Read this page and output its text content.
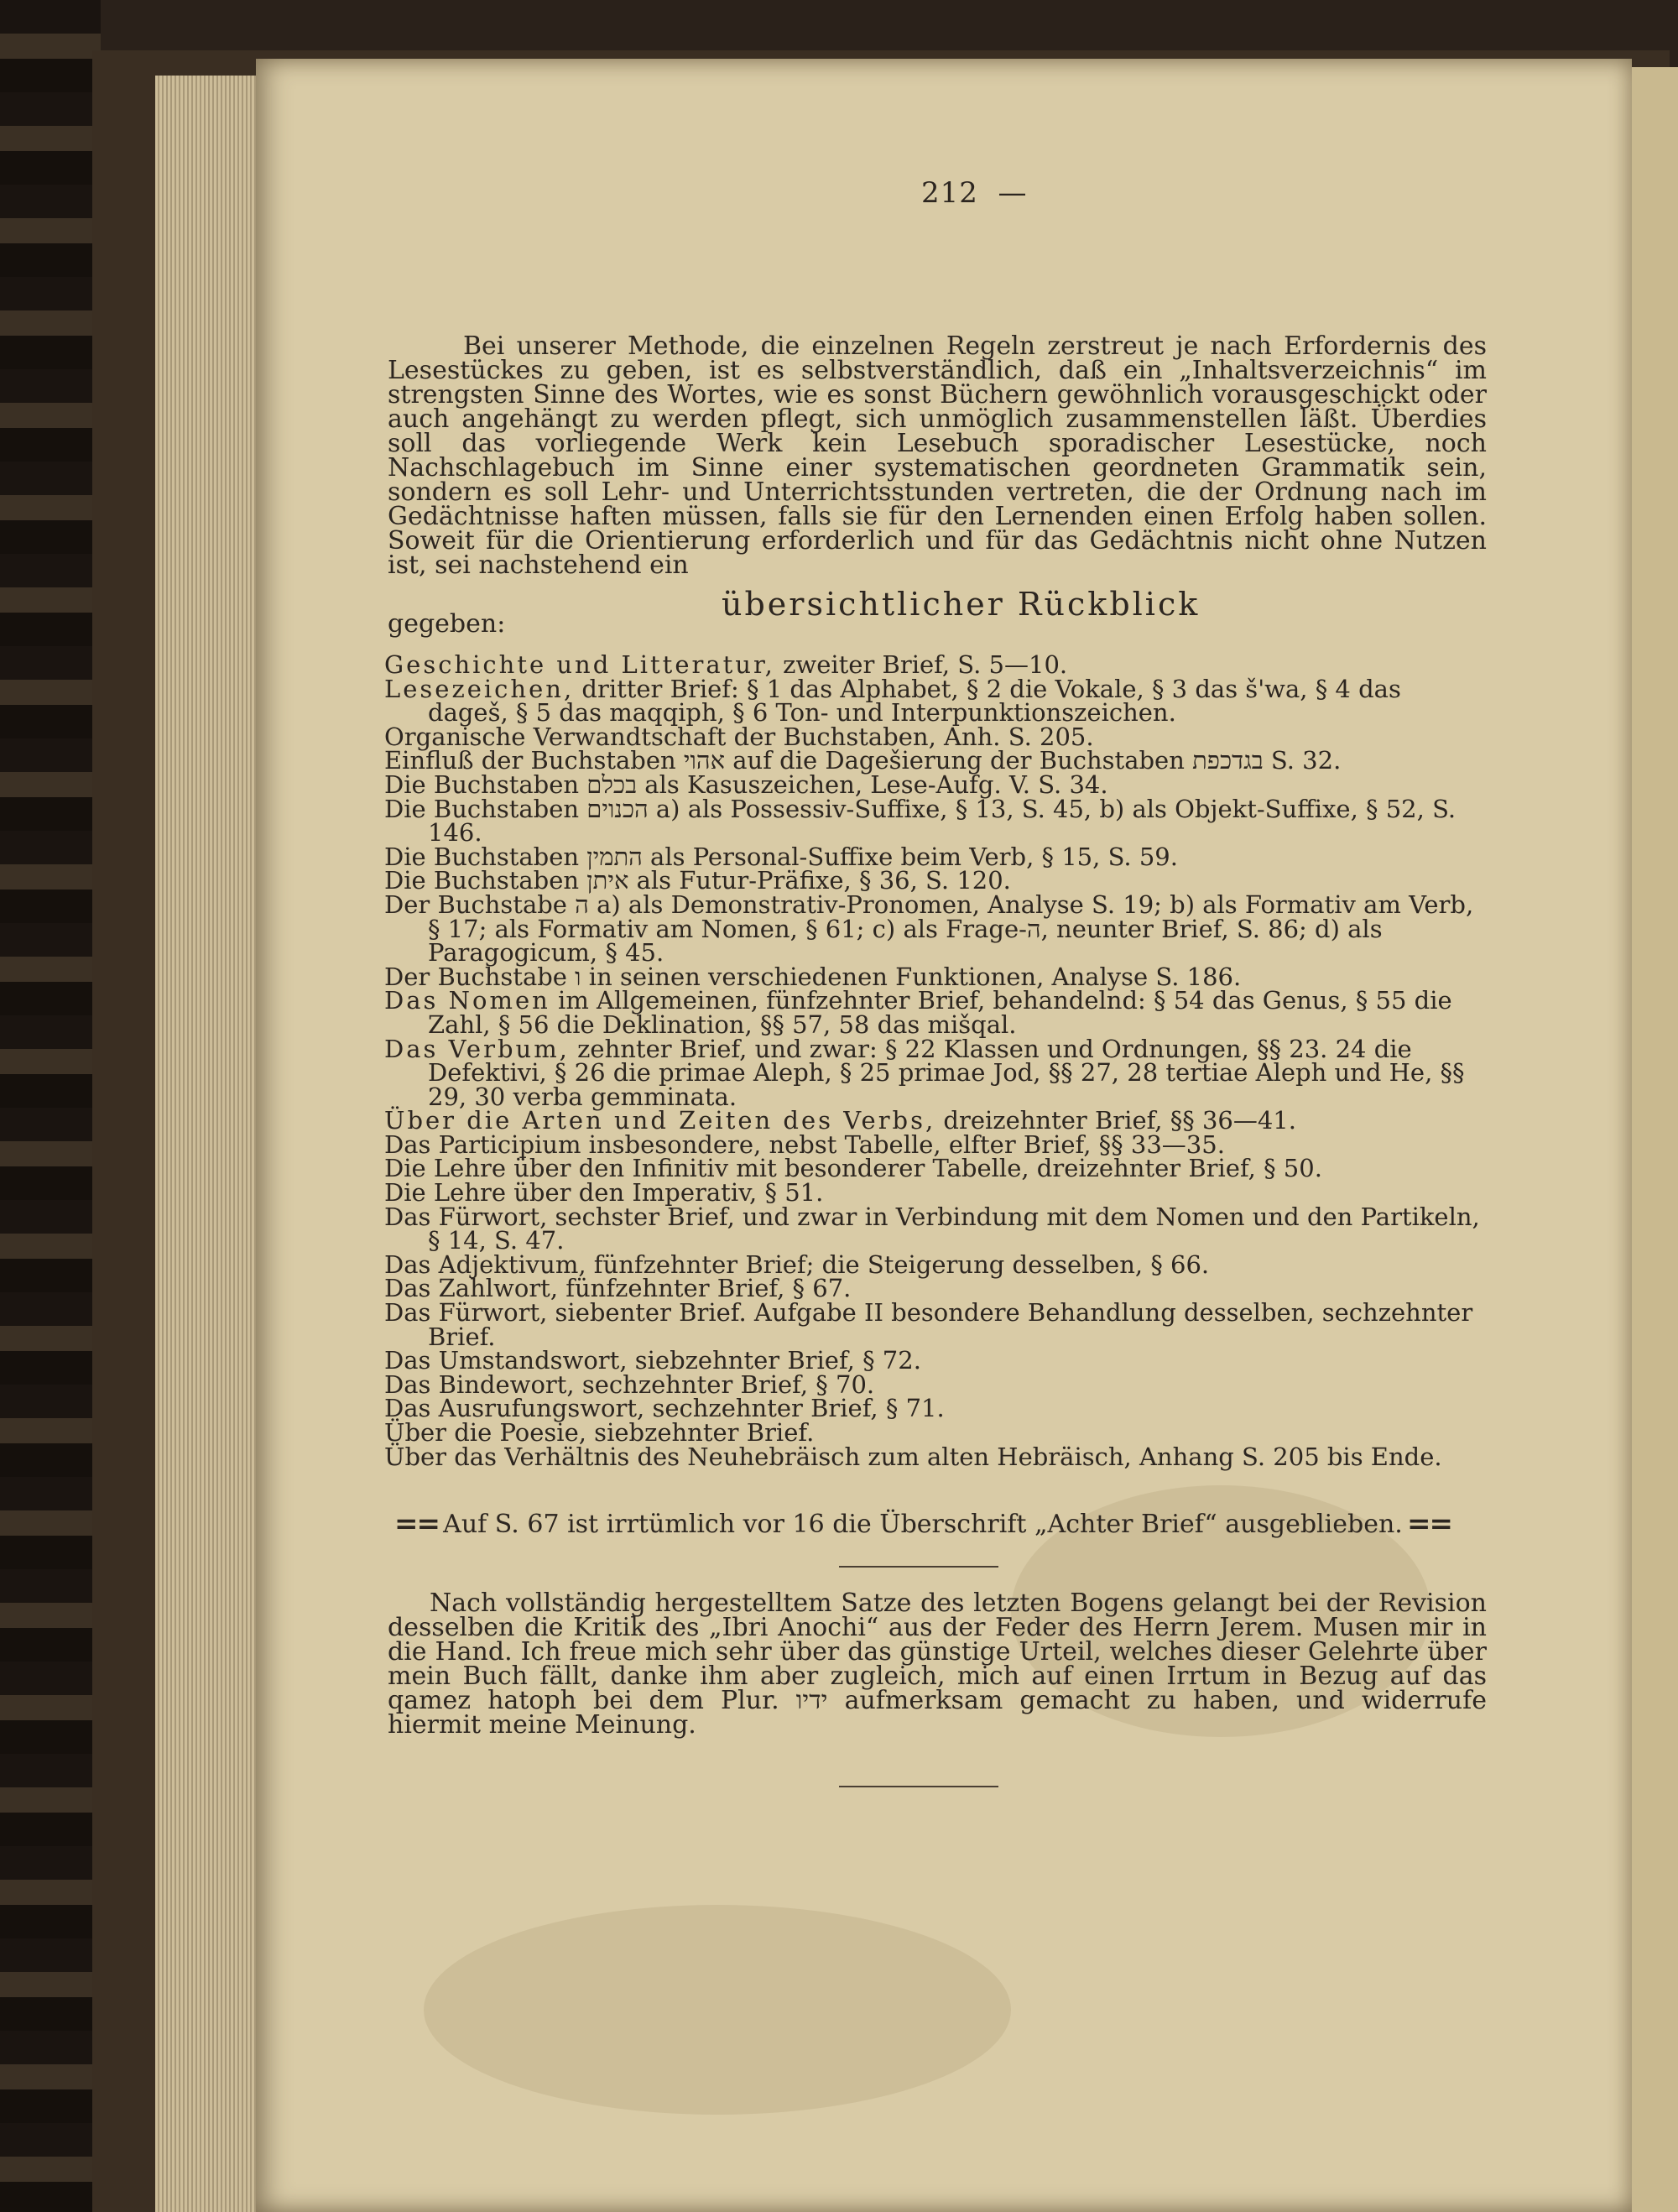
212 —

Bei unserer Methode, die einzelnen Regeln zerstreut je nach Erfordernis des Lesestückes zu geben, ist es selbstverständlich, daß ein „Inhaltsverzeichnis“ im strengsten Sinne des Wortes, wie es sonst Büchern gewöhnlich vorausgeschickt oder auch angehängt zu werden pflegt, sich unmöglich zusammenstellen läßt. Überdies soll das vorliegende Werk kein Lesebuch sporadischer Lesestücke, noch Nachschlagebuch im Sinne einer systematischen geordneten Grammatik sein, sondern es soll Lehr- und Unterrichtsstunden vertreten, die der Ordnung nach im Gedächtnisse haften müssen, falls sie für den Lernenden einen Erfolg haben sollen. Soweit für die Orientierung erforderlich und für das Gedächtnis nicht ohne Nutzen ist, sei nachstehend ein

übersichtlicher Rückblick
gegeben:
Geschichte und Litteratur, zweiter Brief, S. 5—10.
Lesezeichen, dritter Brief: § 1 das Alphabet, § 2 die Vokale, § 3 das š'wa, § 4 das dageš, § 5 das maqqiph, § 6 Ton- und Interpunktionszeichen.
Organische Verwandtschaft der Buchstaben, Anh. S. 205.
Einfluß der Buchstaben אהוי auf die Dagešierung der Buchstaben בגדכפת S. 32.
Die Buchstaben בכלם als Kasuszeichen, Lese-Aufg. V. S. 34.
Die Buchstaben הכנוים a) als Possessiv-Suffixe, § 13, S. 45, b) als Objekt-Suffixe, § 52, S. 146.
Die Buchstaben התמין als Personal-Suffixe beim Verb, § 15, S. 59.
Die Buchstaben איתן als Futur-Präfixe, § 36, S. 120.
Der Buchstabe ה a) als Demonstrativ-Pronomen, Analyse S. 19; b) als Formativ am Verb, § 17; als Formativ am Nomen, § 61; c) als Frage-ה, neunter Brief, S. 86; d) als Paragogicum, § 45.
Der Buchstabe ו in seinen verschiedenen Funktionen, Analyse S. 186.
Das Nomen im Allgemeinen, fünfzehnter Brief, behandelnd: § 54 das Genus, § 55 die Zahl, § 56 die Deklination, §§ 57, 58 das mišqal.
Das Verbum, zehnter Brief, und zwar: § 22 Klassen und Ordnungen, §§ 23. 24 die Defektivi, § 26 die primae Aleph, § 25 primae Jod, §§ 27, 28 tertiae Aleph und He, §§ 29, 30 verba gemminata.
Über die Arten und Zeiten des Verbs, dreizehnter Brief, §§ 36—41.
Das Participium insbesondere, nebst Tabelle, elfter Brief, §§ 33—35.
Die Lehre über den Infinitiv mit besonderer Tabelle, dreizehnter Brief, § 50.
Die Lehre über den Imperativ, § 51.
Das Fürwort, sechster Brief, und zwar in Verbindung mit dem Nomen und den Partikeln, § 14, S. 47.
Das Adjektivum, fünfzehnter Brief; die Steigerung desselben, § 66.
Das Zahlwort, fünfzehnter Brief, § 67.
Das Fürwort, siebenter Brief. Aufgabe II besondere Behandlung desselben, sechzehnter Brief.
Das Umstandswort, siebzehnter Brief, § 72.
Das Bindewort, sechzehnter Brief, § 70.
Das Ausrufungswort, sechzehnter Brief, § 71.
Über die Poesie, siebzehnter Brief.
Über das Verhältnis des Neuhebräisch zum alten Hebräisch, Anhang S. 205 bis Ende.
== Auf S. 67 ist irrtümlich vor 16 die Überschrift „Achter Brief“ ausgeblieben. ==

Nach vollständig hergestelltem Satze des letzten Bogens gelangt bei der Revision desselben die Kritik des „Ibri Anochi“ aus der Feder des Herrn Jerem. Musen mir in die Hand. Ich freue mich sehr über das günstige Urteil, welches dieser Gelehrte über mein Buch fällt, danke ihm aber zugleich, mich auf einen Irrtum in Bezug auf das qamez hatoph bei dem Plur. ידיו aufmerksam gemacht zu haben, und widerrufe hiermit meine Meinung.
